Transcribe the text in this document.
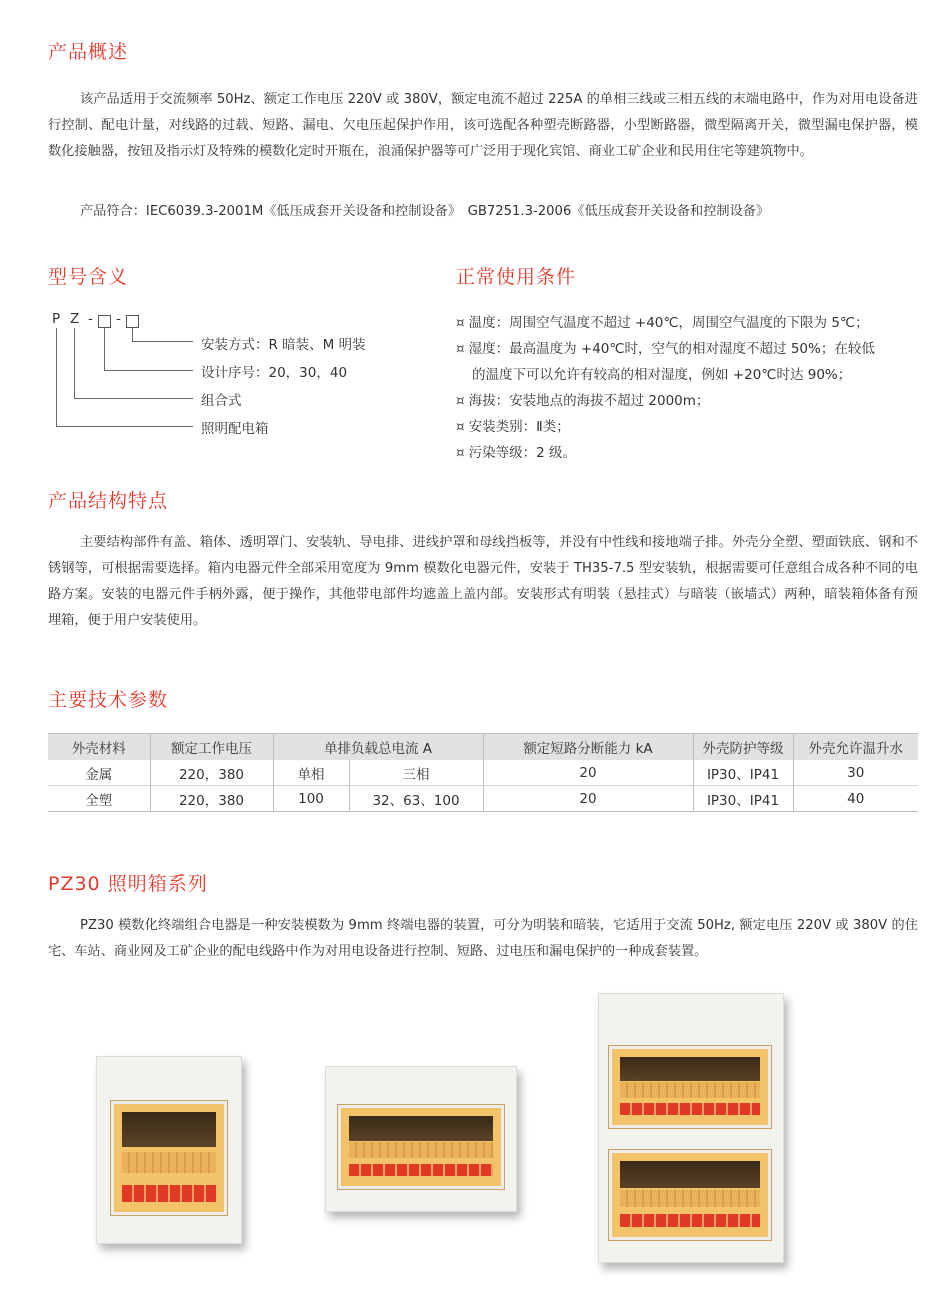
产品概述

该产品适用于交流频率 50Hz、额定工作电压 220V 或 380V，额定电流不超过 225A 的单相三线或三相五线的末端电路中，作为对用电设备进行控制、配电计量，对线路的过载、短路、漏电、欠电压起保护作用，该可选配各种塑壳断路器，小型断路器，微型隔离开关，微型漏电保护器，模数化接触器，按钮及指示灯及特殊的模数化定时开瓶在，浪涌保护器等可广泛用于现化宾馆、商业工矿企业和民用住宅等建筑物中。

产品符合：IEC6039.3-2001M《低压成套开关设备和控制设备》　GB7251.3-2006《低压成套开关设备和控制设备》

型号含义
P Z - -
安装方式：R 暗装、M 明装
设计序号：20，30，40
组合式
照明配电箱
正常使用条件
¤ 温度：周围空气温度不超过 +40℃，周围空气温度的下限为 5℃；
¤ 湿度：最高温度为 +40℃时，空气的相对湿度不超过 50%；在较低
的温度下可以允许有较高的相对湿度，例如 +20℃时达 90%；
¤ 海拔：安装地点的海拔不超过 2000m；
¤ 安装类别：Ⅱ类；
¤ 污染等级：2 级。
产品结构特点

主要结构部件有盖、箱体、透明罩门、安装轨、导电排、进线护罩和母线挡板等，并没有中性线和接地端子排。外壳分全塑、塑面铁底、钢和不锈钢等，可根据需要选择。箱内电器元件全部采用宽度为 9mm 模数化电器元件，安装于 TH35-7.5 型安装轨，根据需要可任意组合成各种不同的电路方案。安装的电器元件手柄外露，便于操作，其他带电部件均遮盖上盖内部。安装形式有明装（悬挂式）与暗装（嵌墙式）两种，暗装箱体备有预埋箱，便于用户安装使用。

主要技术参数
外壳材料	额定工作电压	单排负载总电流 A		额定短路分断能力 kA	外壳防护等级	外壳允许温升水
金属	220，380	单相	三相	20	IP30、IP41	30
全塑	220，380	100	32、63、100	20	IP30、IP41	40
PZ30 照明箱系列

PZ30 模数化终端组合电器是一种安装模数为 9mm 终端电器的装置，可分为明装和暗装，它适用于交流 50Hz, 额定电压 220V 或 380V 的住宅、车站、商业网及工矿企业的配电线路中作为对用电设备进行控制、短路、过电压和漏电保护的一种成套装置。
